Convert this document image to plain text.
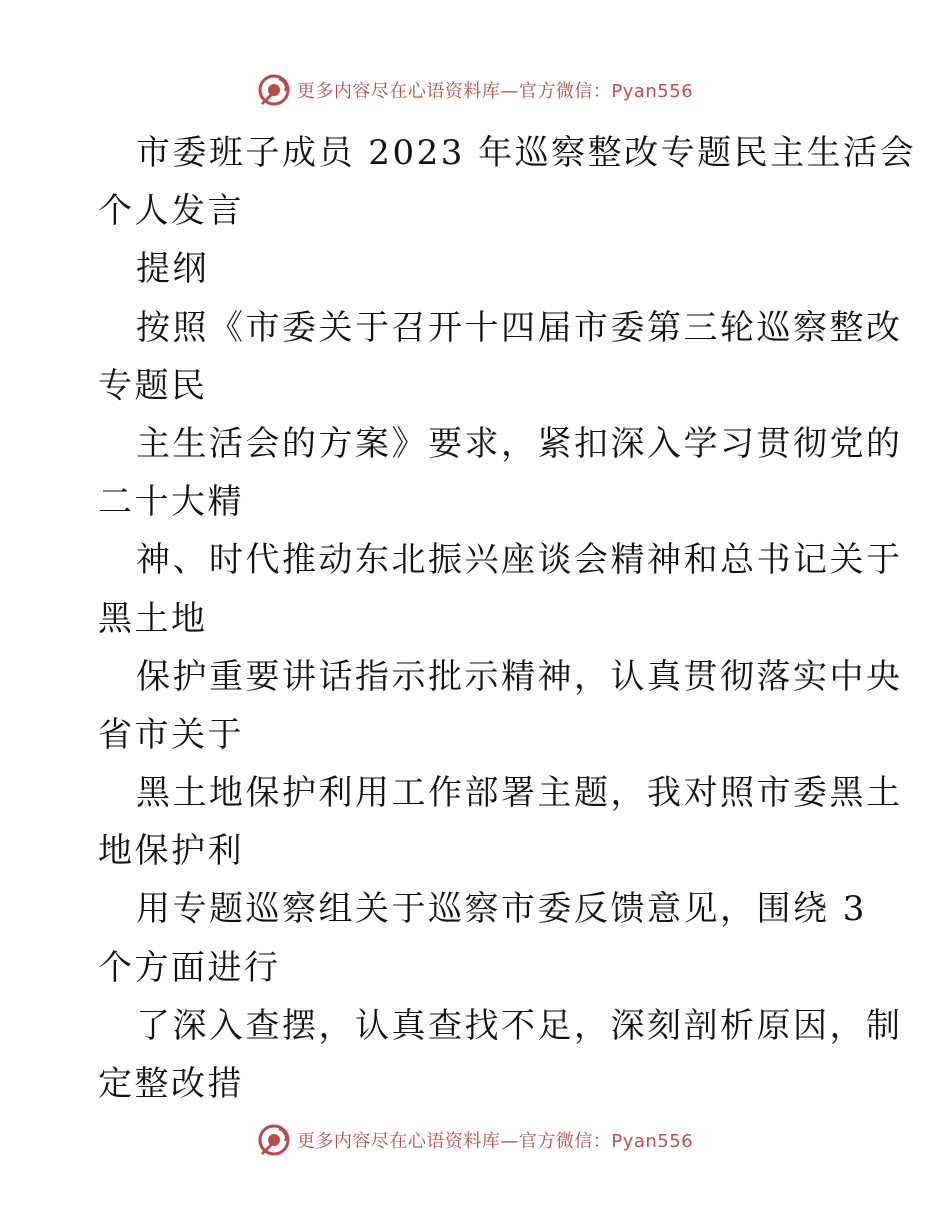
更多内容尽在心语资料库—官方微信：Pyan556
市委班子成员 2023 年巡察整改专题民主生活会
个人发言
提纲
按照《市委关于召开十四届市委第三轮巡察整改
专题民
主生活会的方案》要求，紧扣深入学习贯彻党的
二十大精
神、时代推动东北振兴座谈会精神和总书记关于
黑土地
保护重要讲话指示批示精神，认真贯彻落实中央
省市关于
黑土地保护利用工作部署主题，我对照市委黑土
地保护利
用专题巡察组关于巡察市委反馈意见，围绕 3
个方面进行
了深入查摆，认真查找不足，深刻剖析原因，制
定整改措
更多内容尽在心语资料库—官方微信：Pyan556
